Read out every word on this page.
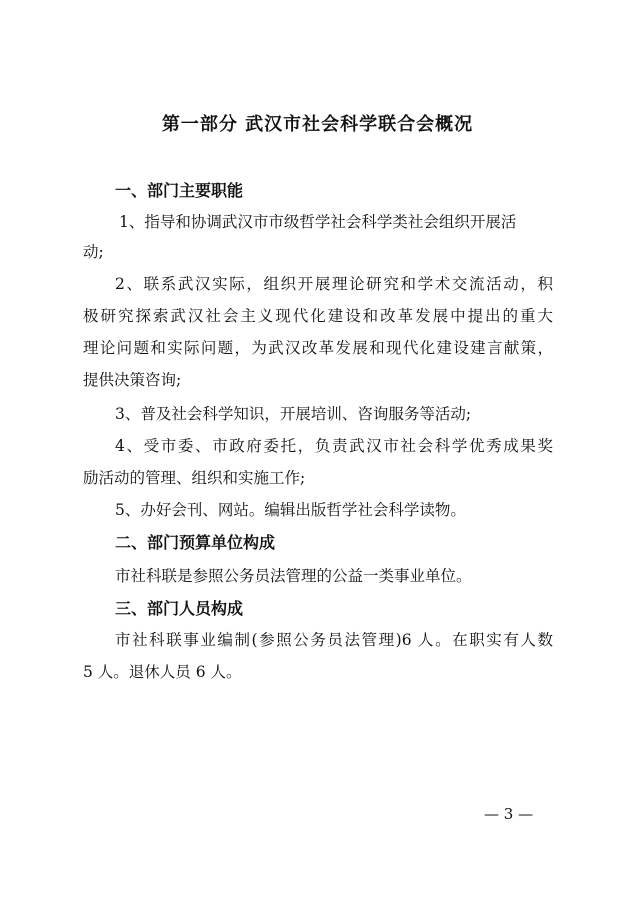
第一部分 武汉市社会科学联合会概况
一、部门主要职能
1、指导和协调武汉市市级哲学社会科学类社会组织开展活
动;
2、联系武汉实际，组织开展理论研究和学术交流活动，积
极研究探索武汉社会主义现代化建设和改革发展中提出的重大
理论问题和实际问题，为武汉改革发展和现代化建设建言献策，
提供决策咨询;
3、普及社会科学知识，开展培训、咨询服务等活动;
4、受市委、市政府委托，负责武汉市社会科学优秀成果奖
励活动的管理、组织和实施工作;
5、办好会刊、网站。编辑出版哲学社会科学读物。
二、部门预算单位构成
市社科联是参照公务员法管理的公益一类事业单位。
三、部门人员构成
市社科联事业编制(参照公务员法管理)6 人。在职实有人数
5 人。退休人员 6 人。
— 3 —
